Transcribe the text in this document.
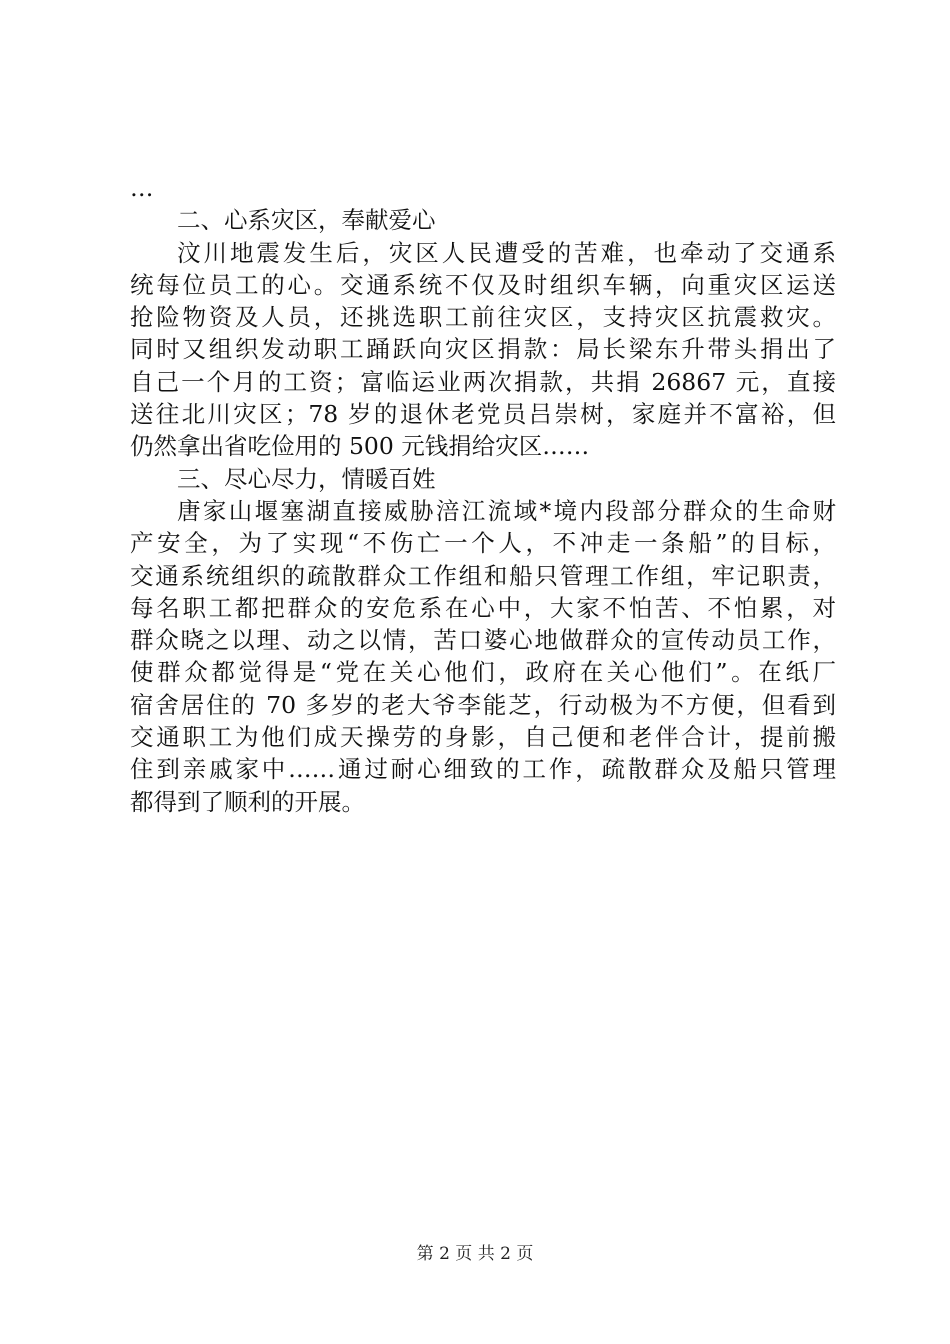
…
二、心系灾区，奉献爱心
汶川地震发生后，灾区人民遭受的苦难，也牵动了交通系
统每位员工的心。交通系统不仅及时组织车辆，向重灾区运送
抢险物资及人员，还挑选职工前往灾区，支持灾区抗震救灾。
同时又组织发动职工踊跃向灾区捐款：局长梁东升带头捐出了
自己一个月的工资；富临运业两次捐款，共捐 26867 元，直接
送往北川灾区；78 岁的退休老党员吕崇树，家庭并不富裕，但
仍然拿出省吃俭用的 500 元钱捐给灾区……
三、尽心尽力，情暖百姓
唐家山堰塞湖直接威胁涪江流域*境内段部分群众的生命财
产安全，为了实现“不伤亡一个人，不冲走一条船”的目标，
交通系统组织的疏散群众工作组和船只管理工作组，牢记职责，
每名职工都把群众的安危系在心中，大家不怕苦、不怕累，对
群众晓之以理、动之以情，苦口婆心地做群众的宣传动员工作，
使群众都觉得是“党在关心他们，政府在关心他们”。在纸厂
宿舍居住的 70 多岁的老大爷李能芝，行动极为不方便，但看到
交通职工为他们成天操劳的身影，自己便和老伴合计，提前搬
住到亲戚家中……通过耐心细致的工作，疏散群众及船只管理
都得到了顺利的开展。
第 2 页 共 2 页
